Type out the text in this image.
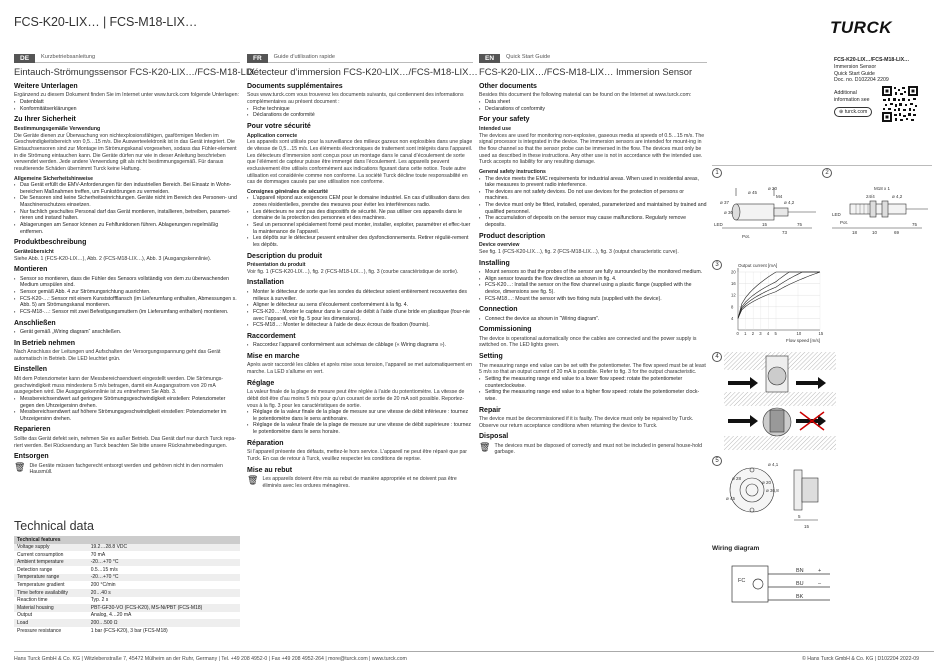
FCS-K20-LIX… | FCS-M18-LIX…	TURCK
DE	Kurzbetriebsanleitung
Eintauch-Strömungssensor FCS-K20-LIX…/FCS-M18-LIX
Weitere Unterlagen
Ergänzend zu diesem Dokument finden Sie im Internet unter www.turck.com folgende Unterlagen:
▪ Datenblatt
▪ Konformitätserklärungen
Zu Ihrer Sicherheit
Bestimmungsgemäße Verwendung
Die Geräte dienen zur Überwachung von nichtexplosionsfähigen, gasförmigen Medien im Geschwindigkeitsbereich von 0,5…15 m/s. Die Auswerteelektronik ist in das Gerät integriert. Die Eintauchsensoren sind zur Montage im Strömungskanal vorgesehen, sodass das Fühler-element in die Strömung eintauchen kann. Die Geräte dürfen nur wie in dieser Anleitung beschrieben verwendet werden. Jede andere Verwendung gilt als nicht bestimmungsgemäß. Für daraus resultierende Schäden übernimmt Turck keine Haftung.
Allgemeine Sicherheitshinweise
▪ Das Gerät erfüllt die EMV-Anforderungen für den industriellen Bereich. Bei Einsatz in Wohn-bereichen Maßnahmen treffen, um Funkstörungen zu vermeiden.
▪ Die Sensoren sind keine Sicherheitseinrichtungen. Geräte nicht im Bereich des Personen- und Maschinenschutzes einsetzen.
▪ Nur fachlich geschultes Personal darf das Gerät montieren, installieren, betreiben, paramet-rieren und instand halten.
▪ Ablagerungen am Sensor können zu Fehlfunktionen führen. Ablagerungen regelmäßig entfernen.
Produktbeschreibung
Geräteübersicht
Siehe Abb. 1 (FCS-K20-LIX…), Abb. 2 (FCS-M18-LIX…), Abb. 3 (Ausgangskennlinie).
Montieren
▪ Sensor so montieren, dass die Fühler des Sensors vollständig von dem zu überwachenden Medium umspülen sind.
▪ Sensor gemäß Abb. 4 zur Strömungsrichtung ausrichten.
▪ FCS-K20-…: Sensor mit einem Kunststoffflansch (im Lieferumfang enthalten, Abmessungen s. Abb. 5) am Strömungskanal montieren.
▪ FCS-M18-…: Sensor mit zwei Befestigungsmuttern (im Lieferumfang enthalten) montieren.
Anschließen
▪ Gerät gemäß „Wiring diagram“ anschließen.
In Betrieb nehmen
Nach Anschluss der Leitungen und Aufschalten der Versorgungsspannung geht das Gerät automatisch in Betrieb. Die LED leuchtet grün.
Einstellen
Mit dem Potenziometer kann der Messbereichsendwert eingestellt werden. Die Strömungs-geschwindigkeit muss mindestens 5 m/s betragen, damit ein Ausgangsstrom von 20 mA ausgegeben wird. Die Ausgangskennlinie ist zu entnehmen Sie Abb. 3.
▪ Messbereichsendwert auf geringere Strömungsgeschwindigkeit einstellen: Potenziometer gegen den Uhrzeigersinn drehen.
▪ Messbereichsendwert auf höhere Strömungsgeschwindigkeit einstellen: Potenziometer im Uhrzeigersinn drehen.
Reparieren
Sollte das Gerät defekt sein, nehmen Sie es außer Betrieb. Das Gerät darf nur durch Turck repa-riert werden. Bei Rücksendung an Turck beachten Sie bitte unsere Rücknahmebedingungen.
Entsorgen
🗑 Die Geräte müssen fachgerecht entsorgt werden und gehören nicht in den normalen Hausmüll.
FR	Guide d’utilisation rapide
Détecteur d’immersion FCS-K20-LIX…/FCS-M18-LIX…
Documents supplémentaires
Sous www.turck.com vous trouverez les documents suivants, qui contiennent des informations complémentaires au présent document :
▪ Fiche technique
▪ Déclarations de conformité
Pour votre sécurité
Application correcte
Les appareils sont utilisés pour la surveillance des milieux gazeux non explosibles dans une plage de vitesse de 0,5…15 m/s. Les éléments électroniques de traitement sont intégrés dans l’appareil. Les détecteurs d’immersion sont conçus pour un montage dans le canal d’écoulement de sorte que l’élément de capteur puisse être immergé dans l’écoulement. Les appareils peuvent exclusivement être utilisés conformément aux indications figurant dans cette notice. Toute autre utilisation est considérée comme non conforme. La société Turck décline toute responsabilité en cas de dommages causés par une utilisation non conforme.
Consignes générales de sécurité
▪ L’appareil répond aux exigences CEM pour le domaine industriel. En cas d’utilisation dans des zones résidentielles, prendre des mesures pour éviter les interférences radio.
▪ Les détecteurs ne sont pas des dispositifs de sécurité. Ne pas utiliser ces appareils dans le domaine de la protection des personnes et des machines.
▪ Seul un personnel spécialement formé peut monter, installer, exploiter, paramétrer et effec-tuer la maintenance de l’appareil.
▪ Les dépôts sur le détecteur peuvent entraîner des dysfonctionnements. Retirer réguliè-rement les dépôts.
Description du produit
Présentation du produit
Voir fig. 1 (FCS-K20-LIX…), fig. 2 (FCS-M18-LIX…), fig. 3 (courbe caractéristique de sortie).
Installation
▪ Monter le détecteur de sorte que les sondes du détecteur soient entièrement recouvertes des milieux à surveiller.
▪ Aligner le détecteur au sens d’écoulement conformément à la fig. 4.
▪ FCS-K20…: Monter le capteur dans le canal de débit à l’aide d’une bride en plastique (four-nie avec l’appareil, voir fig. 5 pour les dimensions).
▪ FCS-M18…: Monter le détecteur à l’aide de deux écrous de fixation (fournis).
Raccordement
▪ Raccordez l’appareil conformément aux schémas de câblage (« Wiring diagrams »).
Mise en marche
Après avoir raccordé les câbles et après mise sous tension, l’appareil se met automatiquement en marche. La LED s’allume en vert.
Réglage
La valeur finale de la plage de mesure peut être réglée à l’aide du potentiomètre. La vitesse de débit doit être d’au moins 5 m/s pour qu’un courant de sortie de 20 mA soit possible. Reportez-vous à la fig. 3 pour les caractéristiques de sortie.
▪ Réglage de la valeur finale de la plage de mesure sur une vitesse de débit inférieure : tournez le potentiomètre dans le sens antihoraire.
▪ Réglage de la valeur finale de la plage de mesure sur une vitesse de débit supérieure : tournez le potentiomètre dans le sens horaire.
Réparation
Si l’appareil présente des défauts, mettez-le hors service. L’appareil ne peut être réparé que par Turck. En cas de retour à Turck, veuillez respecter les conditions de reprise.
Mise au rebut
🗑 Les appareils doivent être mis au rebut de manière appropriée et ne doivent pas être éliminés avec les ordures ménagères.
EN	Quick Start Guide
FCS-K20-LIX…/FCS-M18-LIX… Immersion Sensor
Other documents
Besides this document the following material can be found on the Internet at www.turck.com:
▪ Data sheet
▪ Declarations of conformity
For your safety
Intended use
The devices are used for monitoring non-explosive, gaseous media at speeds of 0.5…15 m/s. The signal processor is integrated in the device. The immersion sensors are intended for mount-ing in the flow channel so that the sensor probe can be immersed in the flow. The devices must only be used as described in these instructions. Any other use is not in accordance with the intended use. Turck accepts no liability for any resulting damage.
General safety instructions
▪ The device meets the EMC requirements for industrial areas. When used in residential areas, take measures to prevent radio interference.
▪ The devices are not safety devices. Do not use devices for the protection of persons or machines.
▪ The device must only be fitted, installed, operated, parameterized and maintained by trained and qualified personnel.
▪ The accumulation of deposits on the sensor may cause malfunctions. Regularly remove deposits.
Product description
Device overview
See fig. 1 (FCS-K20-LIX…), fig. 2 (FCS-M18-LIX…), fig. 3 (output characteristic curve).
Installing
▪ Mount sensors so that the probes of the sensor are fully surrounded by the monitored medium.
▪ Align sensor towards the flow direction as shown in fig. 4.
▪ FCS-K20…: Install the sensor on the flow channel using a plastic flange (supplied with the device, dimensions see fig. 5).
▪ FCS-M18…: Mount the sensor with two fixing nuts (supplied with the device).
Connection
▪ Connect the device as shown in “Wiring diagram”.
Commissioning
The device is operational automatically once the cables are connected and the power supply is switched on. The LED lights green.
Setting
The measuring range end value can be set with the potentiometer. The flow speed must be at least 5 m/s so that an output current of 20 mA is possible. Refer to fig. 3 for the output characteristic.
▪ Setting the measuring range end value to a lower flow speed: rotate the potentiometer counterclockwise.
▪ Setting the measuring range end value to a higher flow speed: rotate the potentiometer clock-wise.
Repair
The device must be decommissioned if it is faulty. The device must only be repaired by Turck. Observe our return acceptance conditions when returning the device to Turck.
Disposal
🗑 The devices must be disposed of correctly and must not be included in general house-hold garbage.
FCS-K20-LIX…/FCS-M18-LIX…
Immersion Sensor
Quick Start Guide
Doc. no. D102204 2209
Additional
information see
⊕ turck.com
1
ø 45
ø 20
M4
ø 4,2
ø 37
ø 30
LED
Pot.
15
73
75
2
M18 x 1
24/4	ø 4,2
LED
Pot.
18	10	69
75
3	Output current [mA]
Flow speed [m/s]
4
8
12
16
20
0 1 2 3 4 5	10	15
4
5
ø 4,1
ø 28
ø 20
ø 36,8
ø 45
5
15
Wiring diagram
FC
BN
BU
BK
+
–
Technical data
Technical features	
Voltage supply	19.2…28.8 VDC
Current consumption	70 mA
Ambient temperature	-20…+70 °C
Detection range	0.5…15 m/s
Temperature range	-20…+70 °C
Temperature gradient	200 °C/min
Time before availability	20…40 s
Reaction time	Typ. 2 s
Material housing	PBT-GF30-VO (FCS-K20), MS-Ni/PBT (FCS-M18)
Output	Analog, 4…20 mA
Load	200…500 Ω
Pressure resistance	1 bar (FCS-K20), 3 bar (FCS-M18)
Hans Turck GmbH & Co. KG | Witzlebenstraße 7, 45472 Mülheim an der Ruhr, Germany | Tel. +49 208 4952-0 | Fax +49 208 4952-264 | more@turck.com | www.turck.com	© Hans Turck GmbH & Co. KG | D102204 2022-09
